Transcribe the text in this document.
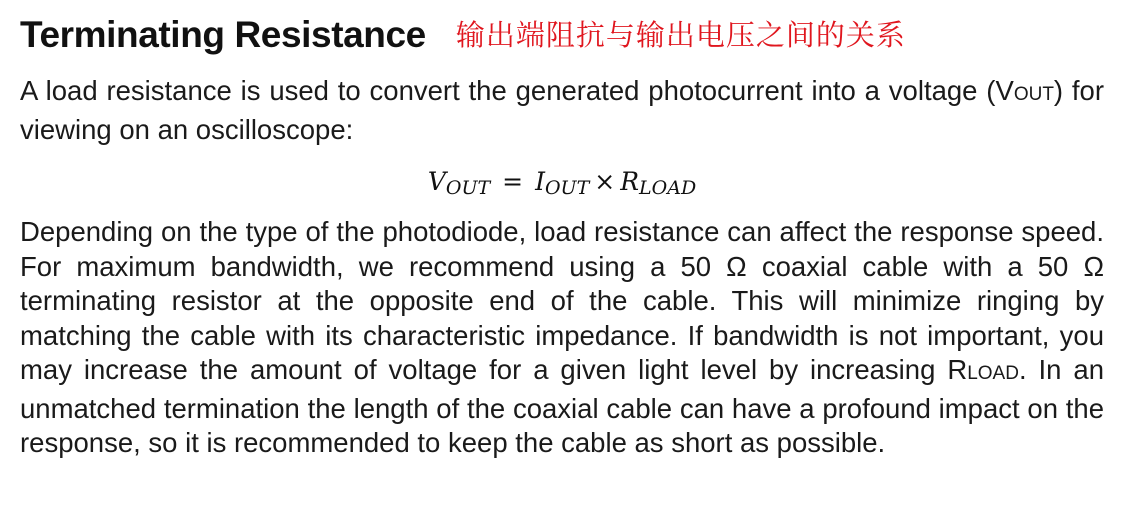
Terminating Resistance 输出端阻抗与输出电压之间的关系

A load resistance is used to convert the generated photocurrent into a voltage (VOUT) for viewing on an oscilloscope:

VOUT = IOUT × RLOAD

Depending on the type of the photodiode, load resistance can affect the response speed. For maximum bandwidth, we recommend using a 50 Ω coaxial cable with a 50 Ω terminating resistor at the opposite end of the cable. This will minimize ringing by matching the cable with its characteristic impedance. If bandwidth is not important, you may increase the amount of voltage for a given light level by increasing RLOAD. In an unmatched termination the length of the coaxial cable can have a profound impact on the response, so it is recommended to keep the cable as short as possible.
